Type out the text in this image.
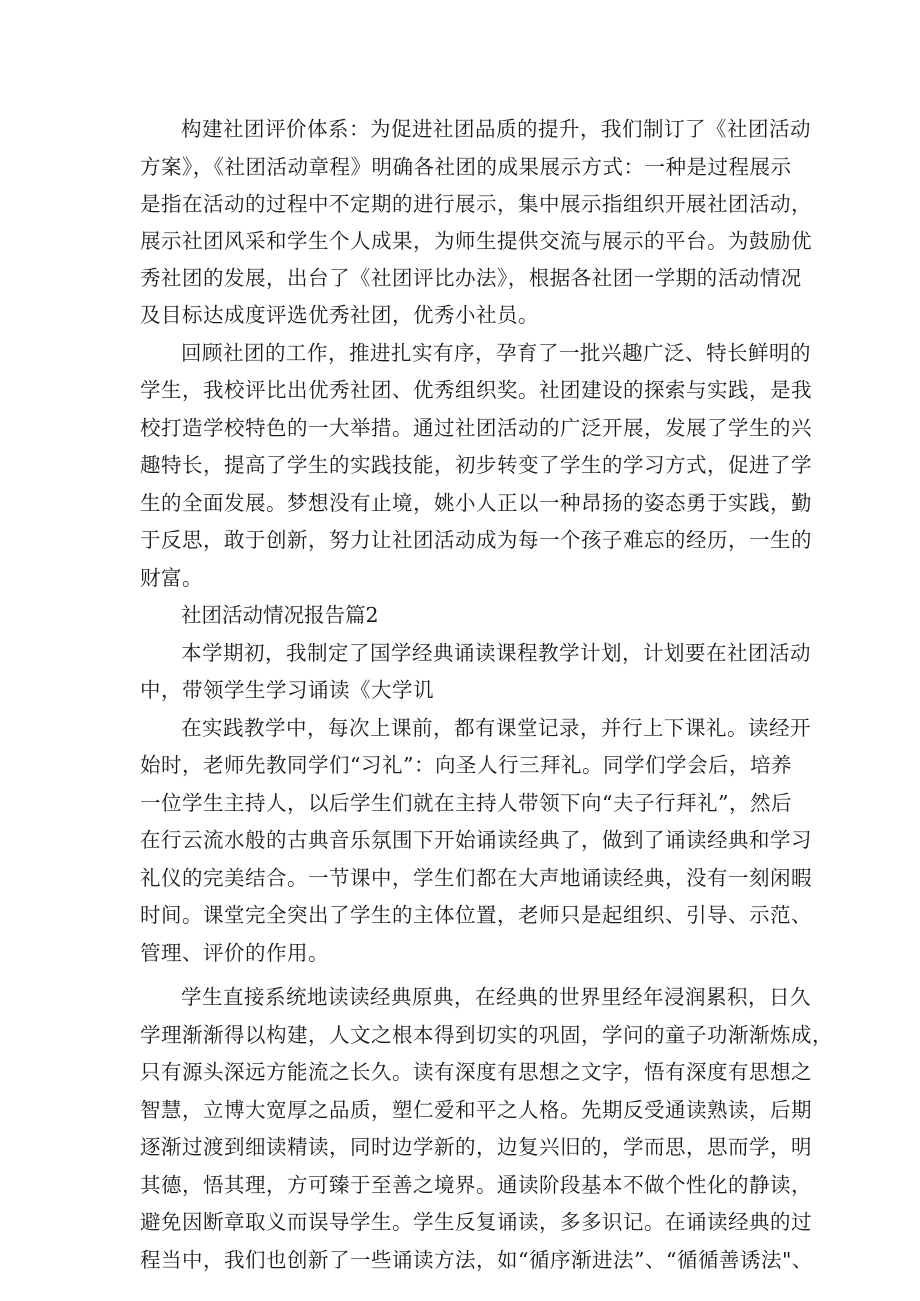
构建社团评价体系：为促进社团品质的提升，我们制订了《社团活动
方案》，《社团活动章程》明确各社团的成果展示方式：一种是过程展示
是指在活动的过程中不定期的进行展示，集中展示指组织开展社团活动，
展示社团风采和学生个人成果，为师生提供交流与展示的平台。为鼓励优
秀社团的发展，出台了《社团评比办法》，根据各社团一学期的活动情况
及目标达成度评选优秀社团，优秀小社员。
回顾社团的工作，推进扎实有序，孕育了一批兴趣广泛、特长鲜明的
学生，我校评比出优秀社团、优秀组织奖。社团建设的探索与实践，是我
校打造学校特色的一大举措。通过社团活动的广泛开展，发展了学生的兴
趣特长，提高了学生的实践技能，初步转变了学生的学习方式，促进了学
生的全面发展。梦想没有止境，姚小人正以一种昂扬的姿态勇于实践，勤
于反思，敢于创新，努力让社团活动成为每一个孩子难忘的经历，一生的
财富。
社团活动情况报告篇2
本学期初，我制定了国学经典诵读课程教学计划，计划要在社团活动
中，带领学生学习诵读《大学讥
在实践教学中，每次上课前，都有课堂记录，并行上下课礼。读经开
始时，老师先教同学们“习礼”：向圣人行三拜礼。同学们学会后，培养
一位学生主持人，以后学生们就在主持人带领下向“夫子行拜礼”，然后
在行云流水般的古典音乐氛围下开始诵读经典了，做到了诵读经典和学习
礼仪的完美结合。一节课中，学生们都在大声地诵读经典，没有一刻闲暇
时间。课堂完全突出了学生的主体位置，老师只是起组织、引导、示范、
管理、评价的作用。
学生直接系统地读读经典原典，在经典的世界里经年浸润累积，日久
学理渐渐得以构建，人文之根本得到切实的巩固，学问的童子功渐渐炼成，
只有源头深远方能流之长久。读有深度有思想之文字，悟有深度有思想之
智慧，立博大宽厚之品质，塑仁爱和平之人格。先期反受通读熟读，后期
逐渐过渡到细读精读，同时边学新的，边复兴旧的，学而思，思而学，明
其德，悟其理，方可臻于至善之境界。通读阶段基本不做个性化的静读，
避免因断章取义而误导学生。学生反复诵读，多多识记。在诵读经典的过
程当中，我们也创新了一些诵读方法，如“循序渐进法”、“循循善诱法"、
